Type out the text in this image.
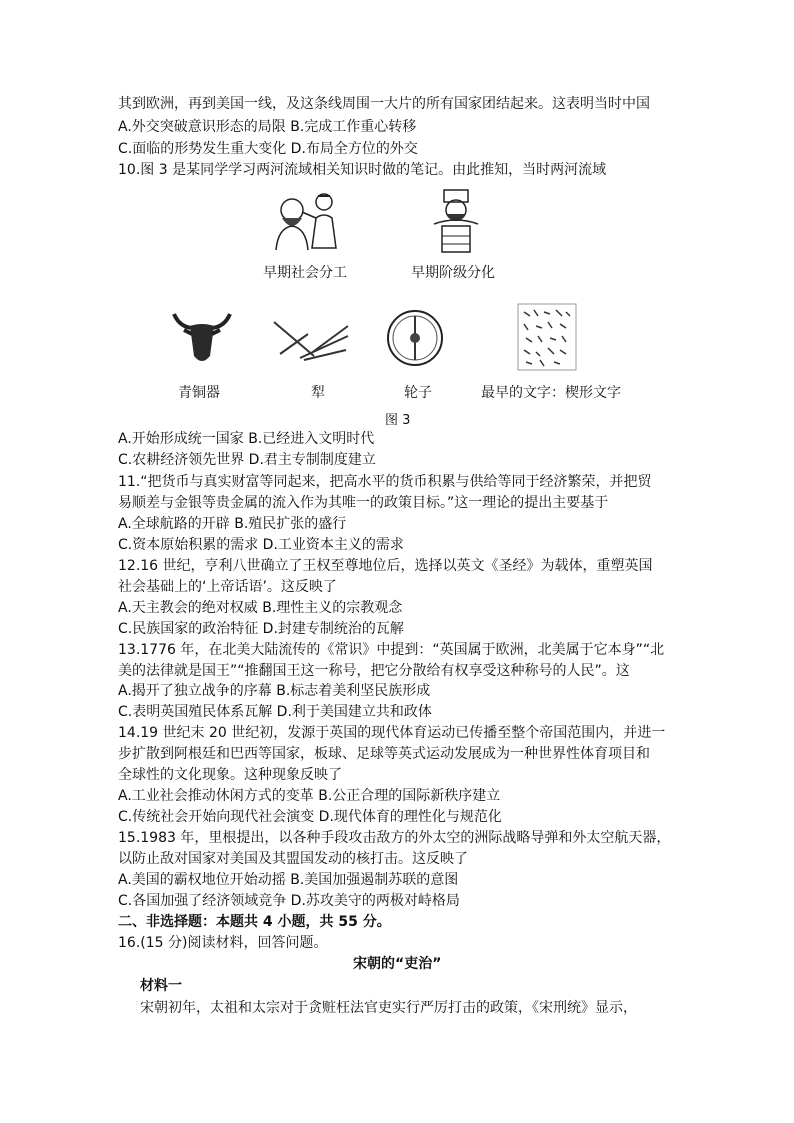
其到欧洲，再到美国一线，及这条线周围一大片的所有国家团结起来。这表明当时中国
A.外交突破意识形态的局限 B.完成工作重心转移
C.面临的形势发生重大变化 D.布局全方位的外交
10.图 3 是某同学学习两河流域相关知识时做的笔记。由此推知，当时两河流域
早期社会分工	早期阶级分化
青铜器	犁	轮子	最早的文字：楔形文字
图 3
A.开始形成统一国家 B.已经进入文明时代
C.农耕经济领先世界 D.君主专制制度建立
11.“把货币与真实财富等同起来，把高水平的货币积累与供给等同于经济繁荣，并把贸
易顺差与金银等贵金属的流入作为其唯一的政策目标。”这一理论的提出主要基于
A.全球航路的开辟 B.殖民扩张的盛行
C.资本原始积累的需求 D.工业资本主义的需求
12.16 世纪，亨利八世确立了王权至尊地位后，选择以英文《圣经》为载体，重塑英国
社会基础上的‘上帝话语’。这反映了
A.天主教会的绝对权威 B.理性主义的宗教观念
C.民族国家的政治特征 D.封建专制统治的瓦解
13.1776 年，在北美大陆流传的《常识》中提到：“英国属于欧洲，北美属于它本身”“北
美的法律就是国王”“推翻国王这一称号，把它分散给有权享受这种称号的人民”。这
A.揭开了独立战争的序幕 B.标志着美利坚民族形成
C.表明英国殖民体系瓦解 D.利于美国建立共和政体
14.19 世纪末 20 世纪初，发源于英国的现代体育运动已传播至整个帝国范围内，并进一
步扩散到阿根廷和巴西等国家，板球、足球等英式运动发展成为一种世界性体育项目和
全球性的文化现象。这种现象反映了
A.工业社会推动休闲方式的变革 B.公正合理的国际新秩序建立
C.传统社会开始向现代社会演变 D.现代体育的理性化与规范化
15.1983 年，里根提出，以各种手段攻击敌方的外太空的洲际战略导弹和外太空航天器，
以防止敌对国家对美国及其盟国发动的核打击。这反映了
A.美国的霸权地位开始动摇 B.美国加强遏制苏联的意图
C.各国加强了经济领域竞争 D.苏攻美守的两极对峙格局
二、非选择题：本题共 4 小题，共 55 分。
16.(15 分)阅读材料，回答问题。
宋朝的“吏治”
材料一
宋朝初年，太祖和太宗对于贪赃枉法官吏实行严厉打击的政策，《宋刑统》显示，
